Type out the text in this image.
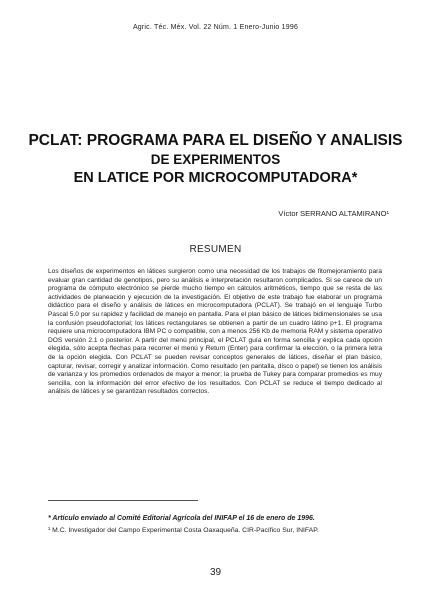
Agric. Téc. Méx. Vol. 22 Núm. 1 Enero-Junio 1996
PCLAT: PROGRAMA PARA EL DISEÑO Y ANALISIS
DE EXPERIMENTOS
EN LATICE POR MICROCOMPUTADORA*
Víctor SERRANO ALTAMIRANO¹
RESUMEN

Los diseños de experimentos en látices surgieron como una necesidad de los trabajos de fitomejoramiento para evaluar gran cantidad de genotipos, pero su análisis e interpretación resultaron complicados. Si se carece de un programa de cómputo electrónico se pierde mucho tiempo en cálculos aritméticos, tiempo que se resta de las actividades de planeación y ejecución de la investigación. El objetivo de este trabajo fue elaborar un programa didáctico para el diseño y análisis de látices en microcomputadora (PCLAT). Se trabajó en el lenguaje Turbo Pascal 5.0 por su rapidez y facilidad de manejo en pantalla. Para el plan básico de látices bidimensionales se usa la confusión pseudofactorial; los látices rectangulares se obtienen a partir de un cuadro látino p+1. El programa requiere una microcomputadora IBM PC o compatible, con a menos 256 Kb de memoria RAM y sistema operativo DOS versión 2.1 o posterior. A partir del menú principal, el PCLAT guía en forma sencilla y explica cada opción elegida, sólo acepta flechas para recorrer el menú y Return (Enter) para confirmar la elección, o la primera letra de la opción elegida. Con PCLAT se pueden revisar conceptos generales de látices, diseñar el plan básico, capturar, revisar, corregir y analizar información. Como resultado (en pantalla, disco o papel) se tienen los análisis de varianza y los promedios ordenados de mayor a menor; la prueba de Tukey para comparar promedios es muy sencilla, con la información del error efectivo de los resultados. Con PCLAT se reduce el tiempo dedicado al análisis de látices y se garantizan resultados correctos.

* Artículo enviado al Comité Editorial Agrícola del INIFAP el 16 de enero de 1996.
¹ M.C. Investigador del Campo Experimental Costa Oaxaqueña. CIR-Pacífico Sur, INIFAP.
39
